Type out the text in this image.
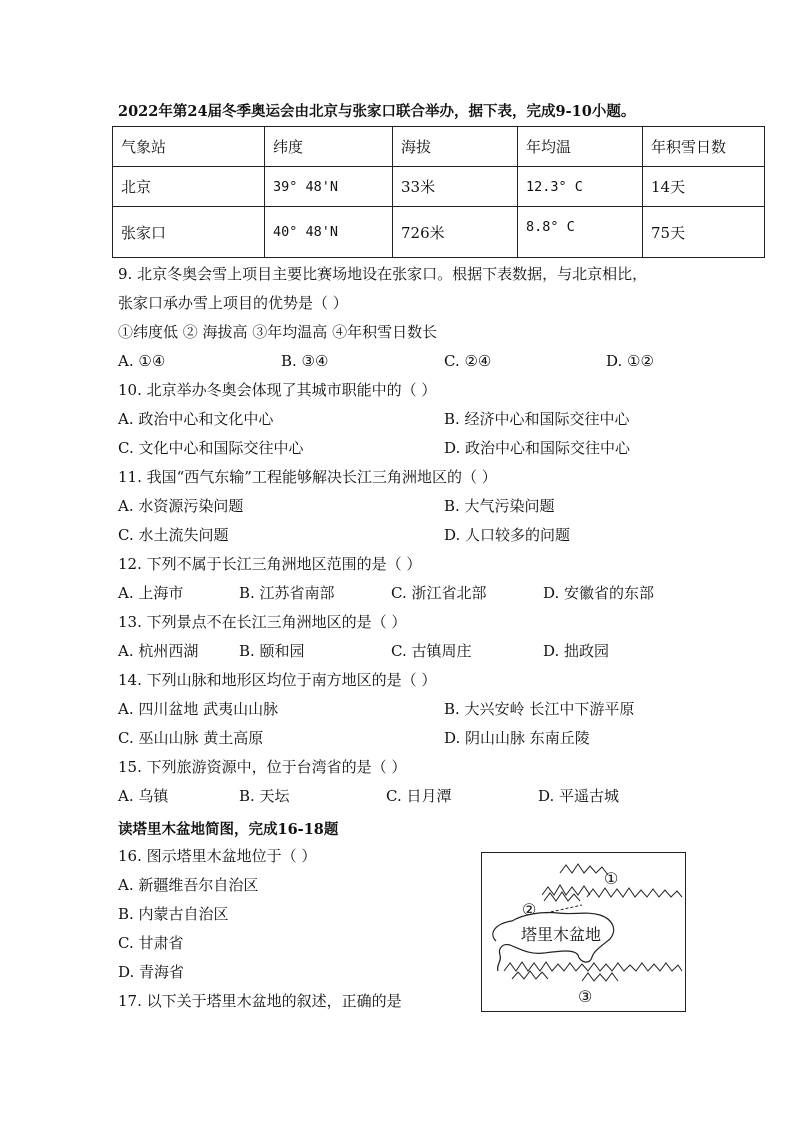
2022年第24届冬季奥运会由北京与张家口联合举办，据下表，完成9-10小题。
气象站	纬度	海拔	年均温	年积雪日数
北京	39° 48'N	33米	12.3° C	14天
张家口	40° 48'N	726米	8.8° C	75天
9. 北京冬奥会雪上项目主要比赛场地设在张家口。根据下表数据，与北京相比，
张家口承办雪上项目的优势是（ ）
①纬度低 ② 海拔高 ③年均温高 ④年积雪日数长
A. ①④	B. ③④	C. ②④	D. ①②
10. 北京举办冬奥会体现了其城市职能中的（ ）
A. 政治中心和文化中心	B. 经济中心和国际交往中心
C. 文化中心和国际交往中心	D. 政治中心和国际交往中心
11. 我国“西气东输”工程能够解决长江三角洲地区的（ ）
A. 水资源污染问题	B. 大气污染问题
C. 水土流失问题	D. 人口较多的问题
12. 下列不属于长江三角洲地区范围的是（ ）
A. 上海市	B. 江苏省南部	C. 浙江省北部	D. 安徽省的东部
13. 下列景点不在长江三角洲地区的是（ ）
A. 杭州西湖	B. 颐和园	C. 古镇周庄	D. 拙政园
14. 下列山脉和地形区均位于南方地区的是（ ）
A. 四川盆地 武夷山山脉	B. 大兴安岭 长江中下游平原
C. 巫山山脉 黄土高原	D. 阴山山脉 东南丘陵
15. 下列旅游资源中，位于台湾省的是（ ）
A. 乌镇	B. 天坛	C. 日月潭	D. 平遥古城
读塔里木盆地简图，完成16-18题
16. 图示塔里木盆地位于（ ）
A. 新疆维吾尔自治区
B. 内蒙古自治区
C. 甘肃省
D. 青海省
17. 以下关于塔里木盆地的叙述，正确的是
塔里木盆地
①
②
③
